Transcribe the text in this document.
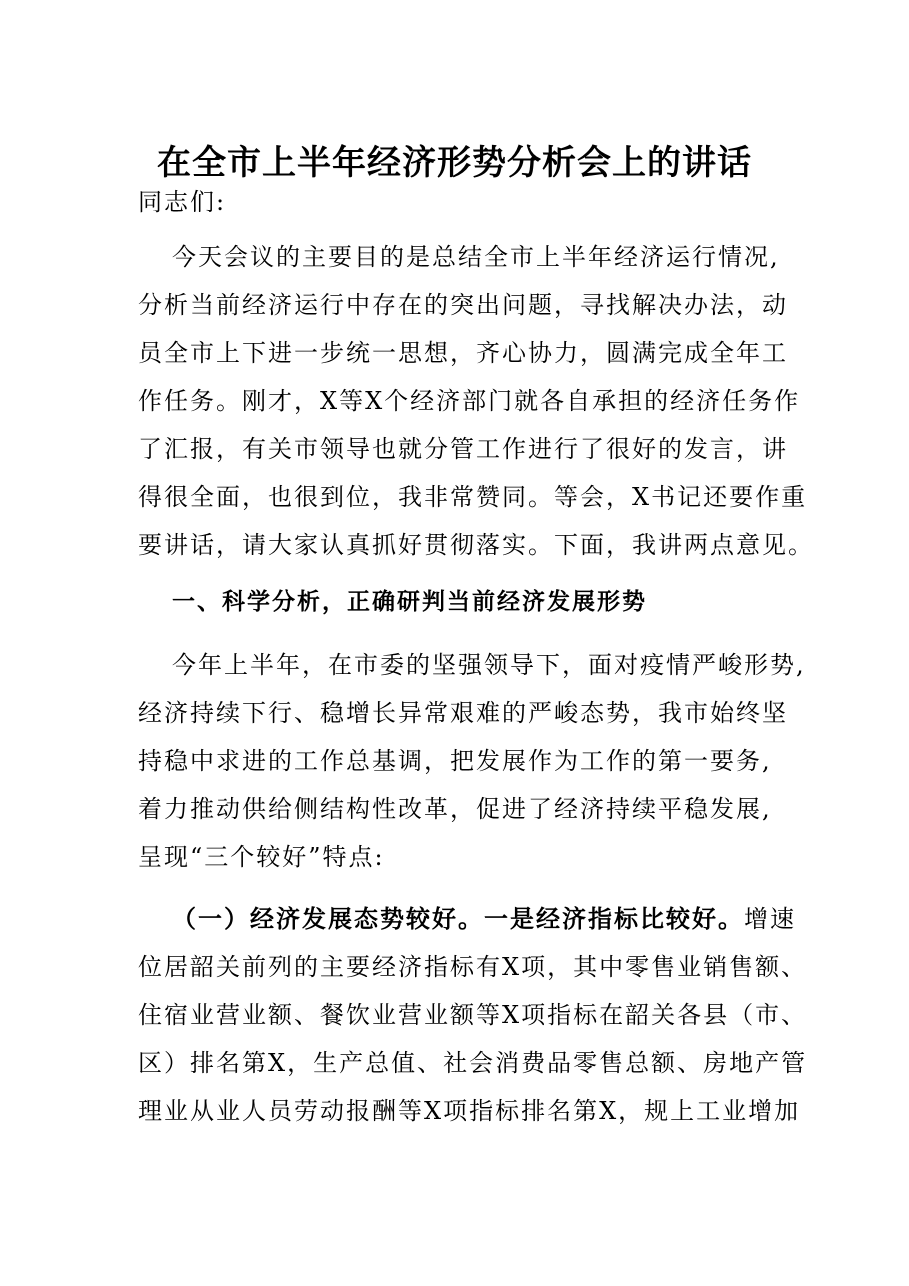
在全市上半年经济形势分析会上的讲话
同志们:
今天会议的主要目的是总结全市上半年经济运行情况,
分析当前经济运行中存在的突出问题，寻找解决办法，动
员全市上下进一步统一思想，齐心协力，圆满完成全年工
作任务。刚才，X等X个经济部门就各自承担的经济任务作
了汇报，有关市领导也就分管工作进行了很好的发言，讲
得很全面，也很到位，我非常赞同。等会，X书记还要作重
要讲话，请大家认真抓好贯彻落实。下面，我讲两点意见。
一、科学分析，正确研判当前经济发展形势
今年上半年，在市委的坚强领导下，面对疫情严峻形势,
经济持续下行、稳增长异常艰难的严峻态势，我市始终坚
持稳中求进的工作总基调，把发展作为工作的第一要务,
着力推动供给侧结构性改革，促进了经济持续平稳发展,
呈现“三个较好”特点:
（一）经济发展态势较好。一是经济指标比较好。增速
位居韶关前列的主要经济指标有X项，其中零售业销售额、
住宿业营业额、餐饮业营业额等X项指标在韶关各县（市、
区）排名第X，生产总值、社会消费品零售总额、房地产管
理业从业人员劳动报酬等X项指标排名第X，规上工业增加
